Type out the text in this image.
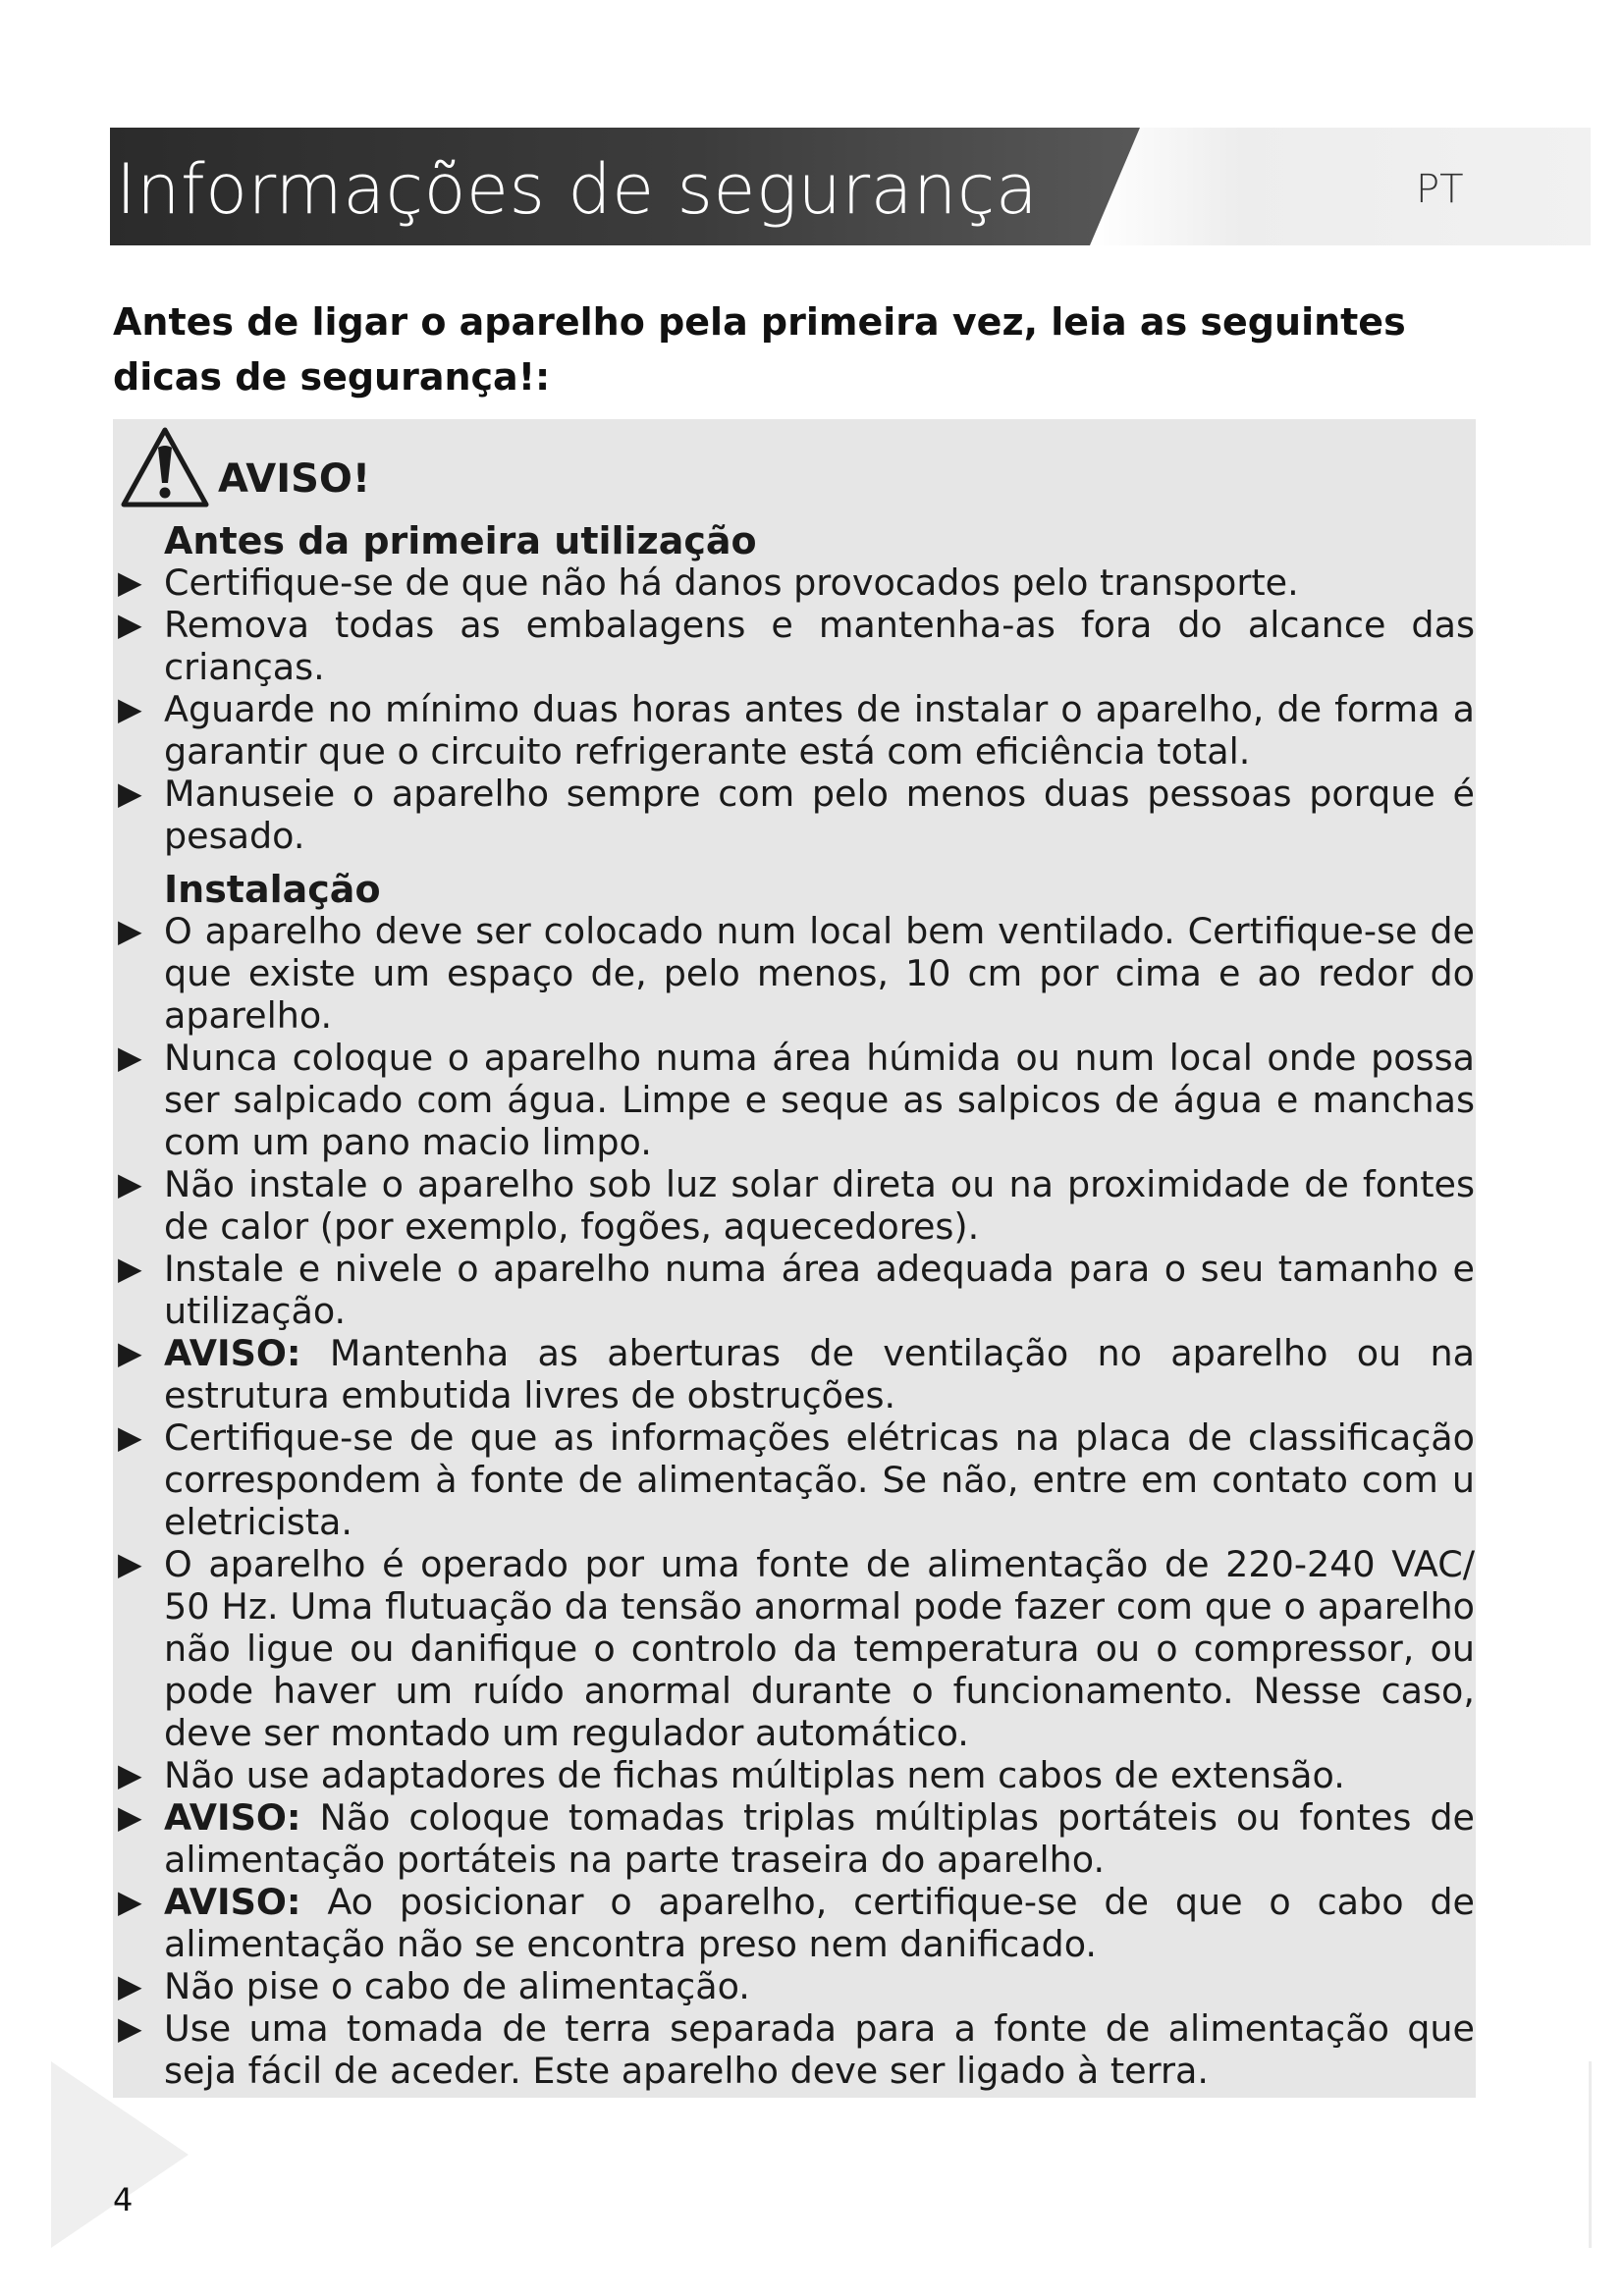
Informações de segurança	PT
Antes de ligar o aparelho pela primeira vez, leia as seguintes dicas de segurança!:
AVISO!
Antes da primeira utilização
▶ Certifique-se de que não há danos provocados pelo transporte.
▶ Remova todas as embalagens e mantenha-as fora do alcance das crianças.
▶ Aguarde no mínimo duas horas antes de instalar o aparelho, de forma a garantir que o circuito refrigerante está com eficiência total.
▶ Manuseie o aparelho sempre com pelo menos duas pessoas porque é pesado.
Instalação
▶ O aparelho deve ser colocado num local bem ventilado. Certifique-se de que existe um espaço de, pelo menos, 10 cm por cima e ao redor do aparelho.
▶ Nunca coloque o aparelho numa área húmida ou num local onde possa ser salpicado com água. Limpe e seque as salpicos de água e manchas com um pano macio limpo.
▶ Não instale o aparelho sob luz solar direta ou na proximidade de fontes de calor (por exemplo, fogões, aquecedores).
▶ Instale e nivele o aparelho numa área adequada para o seu tamanho e utilização.
▶ AVISO: Mantenha as aberturas de ventilação no aparelho ou na estrutura embutida livres de obstruções.
▶ Certifique-se de que as informações elétricas na placa de classificação correspondem à fonte de alimentação. Se não, entre em contato com u eletricista.
▶ O aparelho é operado por uma fonte de alimentação de 220-240 VAC/ 50 Hz. Uma flutuação da tensão anormal pode fazer com que o aparelho não ligue ou danifique o controlo da temperatura ou o compressor, ou pode haver um ruído anormal durante o funcionamento. Nesse caso, deve ser montado um regulador automático.
▶ Não use adaptadores de fichas múltiplas nem cabos de extensão.
▶ AVISO: Não coloque tomadas triplas múltiplas portáteis ou fontes de alimentação portáteis na parte traseira do aparelho.
▶ AVISO: Ao posicionar o aparelho, certifique-se de que o cabo de alimentação não se encontra preso nem danificado.
▶ Não pise o cabo de alimentação.
▶ Use uma tomada de terra separada para a fonte de alimentação que seja fácil de aceder. Este aparelho deve ser ligado à terra.
4
